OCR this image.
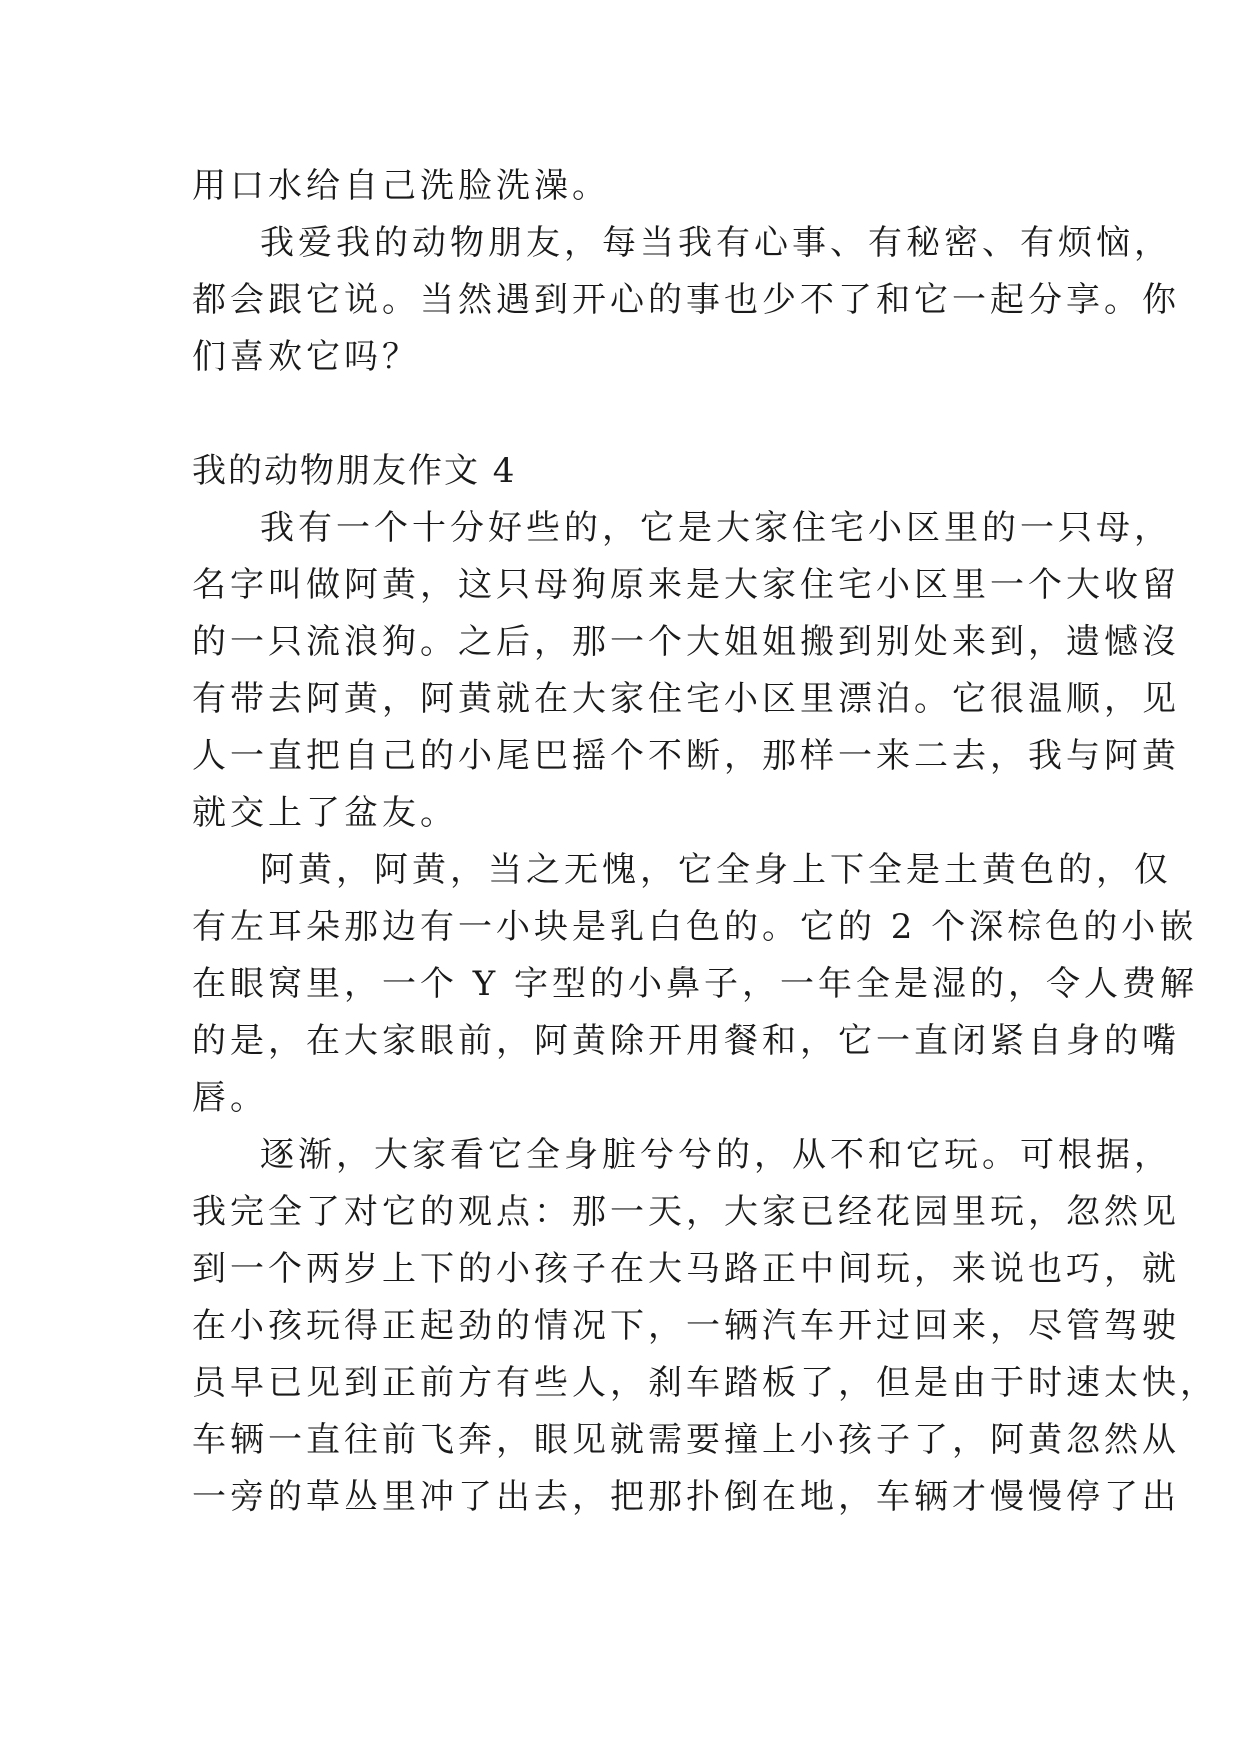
用口水给自己洗脸洗澡。

我爱我的动物朋友，每当我有心事、有秘密、有烦恼，

都会跟它说。当然遇到开心的事也少不了和它一起分享。你

们喜欢它吗？

我的动物朋友作文 4

我有一个十分好些的，它是大家住宅小区里的一只母，

名字叫做阿黄，这只母狗原来是大家住宅小区里一个大收留

的一只流浪狗。之后，那一个大姐姐搬到别处来到，遗憾沒

有带去阿黄，阿黄就在大家住宅小区里漂泊。它很温顺，见

人一直把自己的小尾巴摇个不断，那样一来二去，我与阿黄

就交上了盆友。

阿黄，阿黄，当之无愧，它全身上下全是土黄色的，仅

有左耳朵那边有一小块是乳白色的。它的 2 个深棕色的小嵌

在眼窝里，一个 Y 字型的小鼻子，一年全是湿的，令人费解

的是，在大家眼前，阿黄除开用餐和，它一直闭紧自身的嘴

唇。

逐渐，大家看它全身脏兮兮的，从不和它玩。可根据，

我完全了对它的观点：那一天，大家已经花园里玩，忽然见

到一个两岁上下的小孩子在大马路正中间玩，来说也巧，就

在小孩玩得正起劲的情况下，一辆汽车开过回来，尽管驾驶

员早已见到正前方有些人，刹车踏板了，但是由于时速太快，

车辆一直往前飞奔，眼见就需要撞上小孩子了，阿黄忽然从

一旁的草丛里冲了出去，把那扑倒在地，车辆才慢慢停了出
